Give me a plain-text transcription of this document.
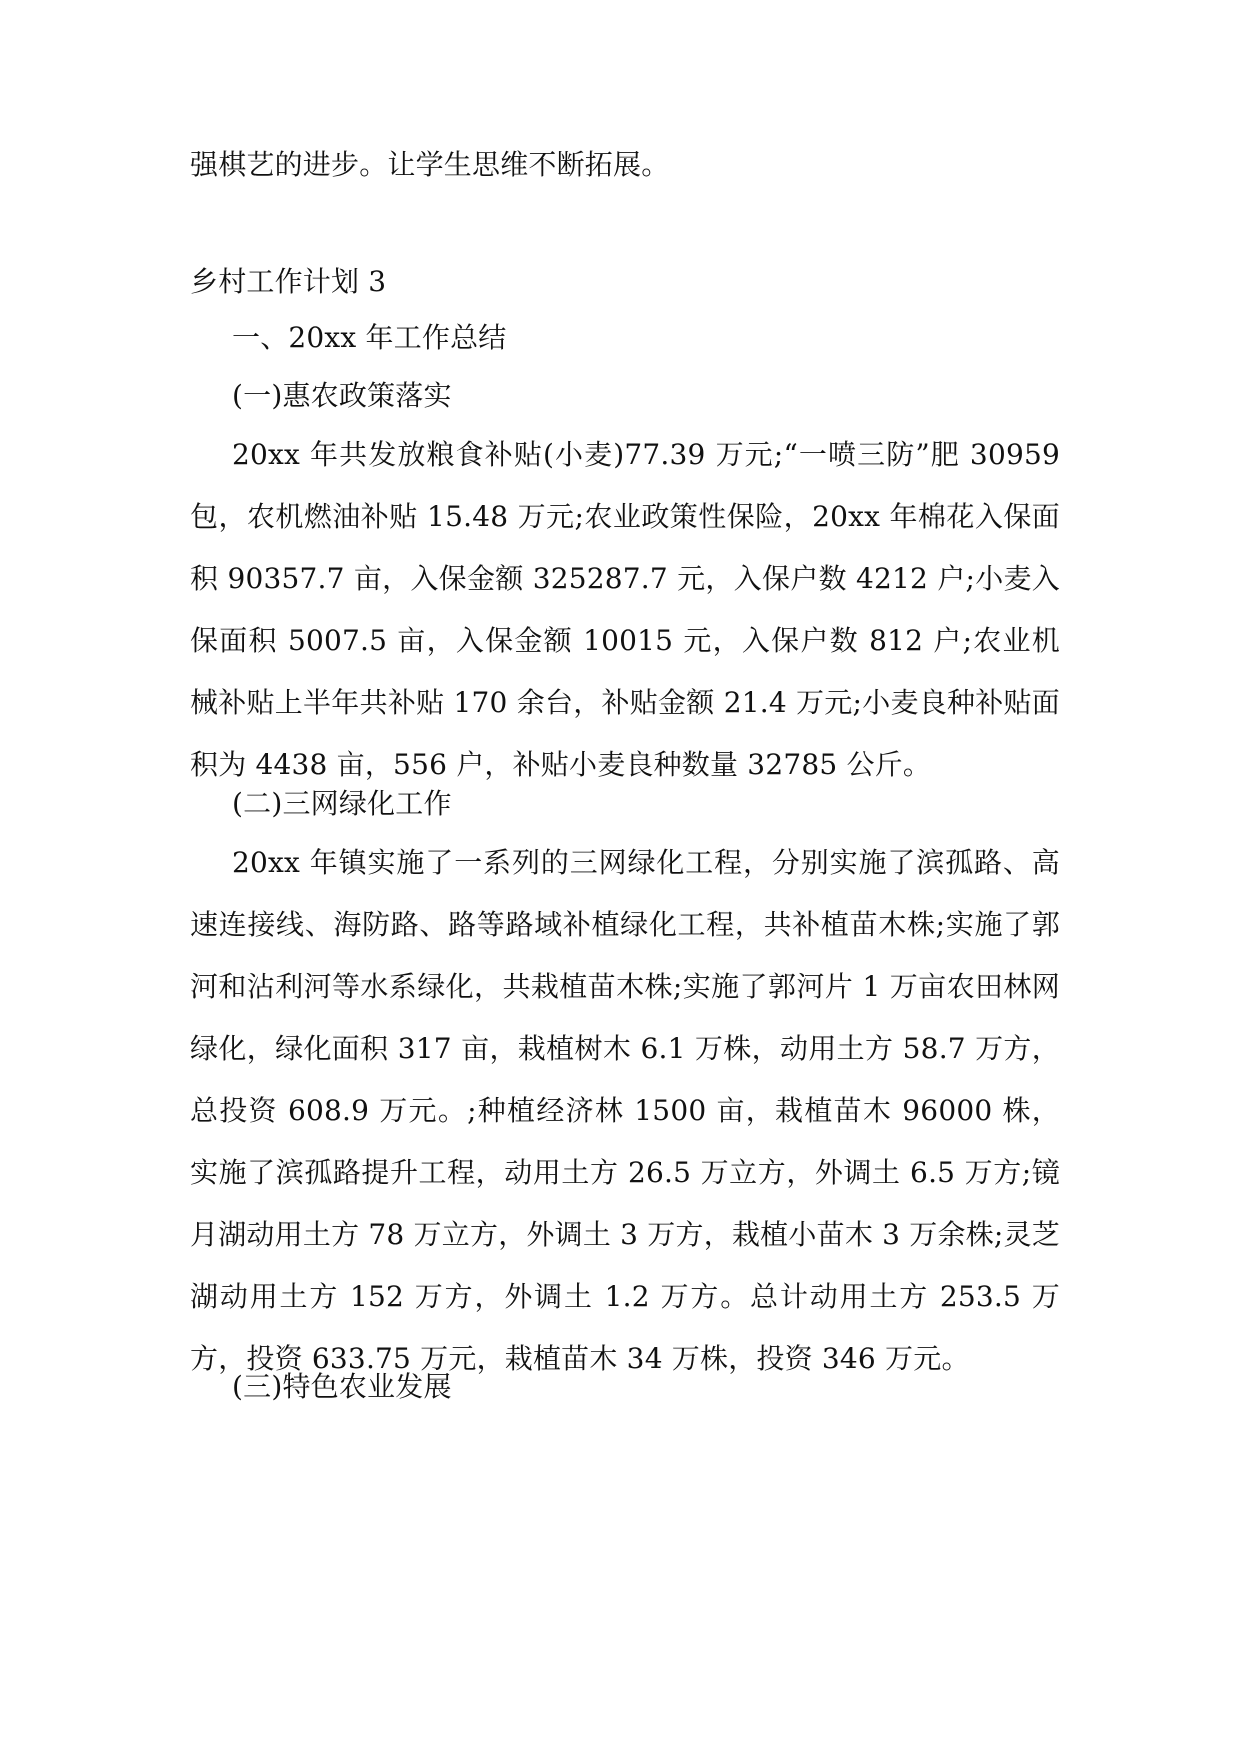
强棋艺的进步。让学生思维不断拓展。
乡村工作计划 3
一、20xx 年工作总结
(一)惠农政策落实

20xx 年共发放粮食补贴(小麦)77.39 万元;“一喷三防”肥 30959 包，农机燃油补贴 15.48 万元;农业政策性保险，20xx 年棉花入保面积 90357.7 亩，入保金额 325287.7 元，入保户数 4212 户;小麦入保面积 5007.5 亩，入保金额 10015 元，入保户数 812 户;农业机械补贴上半年共补贴 170 余台，补贴金额 21.4 万元;小麦良种补贴面积为 4438 亩，556 户，补贴小麦良种数量 32785 公斤。

(二)三网绿化工作

20xx 年镇实施了一系列的三网绿化工程，分别实施了滨孤路、高速连接线、海防路、路等路域补植绿化工程，共补植苗木株;实施了郭河和沾利河等水系绿化，共栽植苗木株;实施了郭河片 1 万亩农田林网绿化，绿化面积 317 亩，栽植树木 6.1 万株，动用土方 58.7 万方，总投资 608.9 万元。;种植经济林 1500 亩，栽植苗木 96000 株，实施了滨孤路提升工程，动用土方 26.5 万立方，外调土 6.5 万方;镜月湖动用土方 78 万立方，外调土 3 万方，栽植小苗木 3 万余株;灵芝湖动用土方 152 万方，外调土 1.2 万方。总计动用土方 253.5 万方，投资 633.75 万元，栽植苗木 34 万株，投资 346 万元。

(三)特色农业发展
